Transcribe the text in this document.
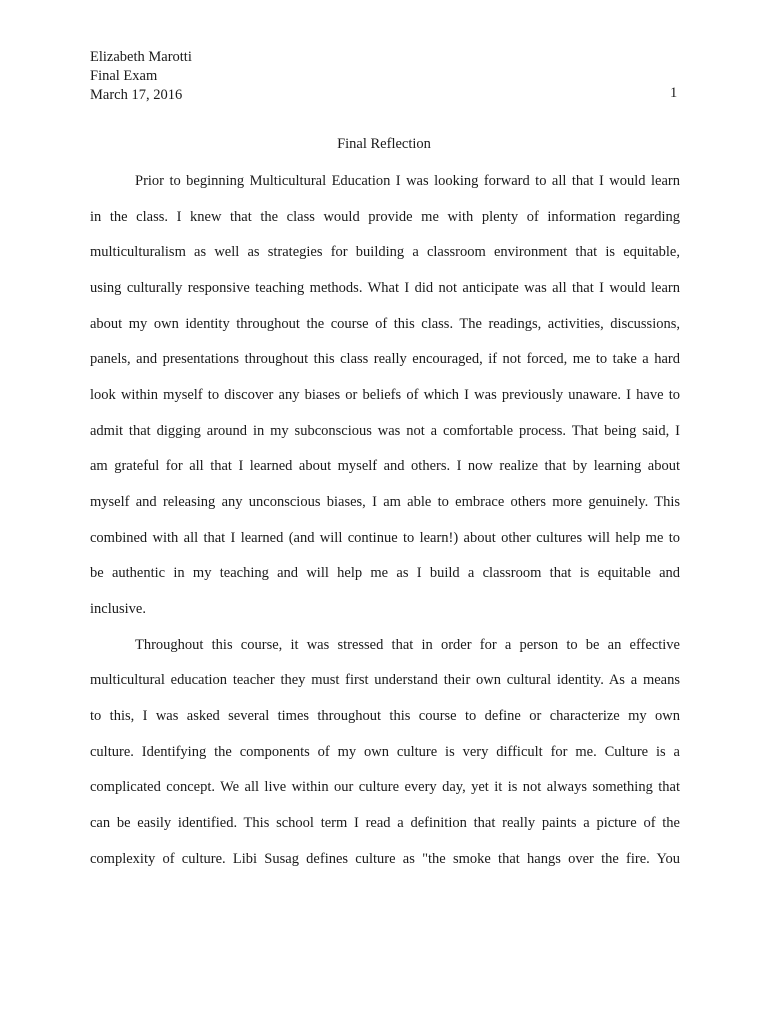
Elizabeth Marotti
Final Exam
March 17, 2016	1
Final Reflection
Prior to beginning Multicultural Education I was looking forward to all that I would learn
in the class. I knew that the class would provide me with plenty of information regarding
multiculturalism as well as strategies for building a classroom environment that is equitable,
using culturally responsive teaching methods. What I did not anticipate was all that I would learn
about my own identity throughout the course of this class. The readings, activities, discussions,
panels, and presentations throughout this class really encouraged, if not forced, me to take a hard
look within myself to discover any biases or beliefs of which I was previously unaware. I have to
admit that digging around in my subconscious was not a comfortable process. That being said, I
am grateful for all that I learned about myself and others. I now realize that by learning about
myself and releasing any unconscious biases, I am able to embrace others more genuinely. This
combined with all that I learned (and will continue to learn!) about other cultures will help me to
be authentic in my teaching and will help me as I build a classroom that is equitable and
inclusive.
Throughout this course, it was stressed that in order for a person to be an effective
multicultural education teacher they must first understand their own cultural identity. As a means
to this, I was asked several times throughout this course to define or characterize my own
culture. Identifying the components of my own culture is very difficult for me. Culture is a
complicated concept. We all live within our culture every day, yet it is not always something that
can be easily identified. This school term I read a definition that really paints a picture of the
complexity of culture. Libi Susag defines culture as "the smoke that hangs over the fire. You
